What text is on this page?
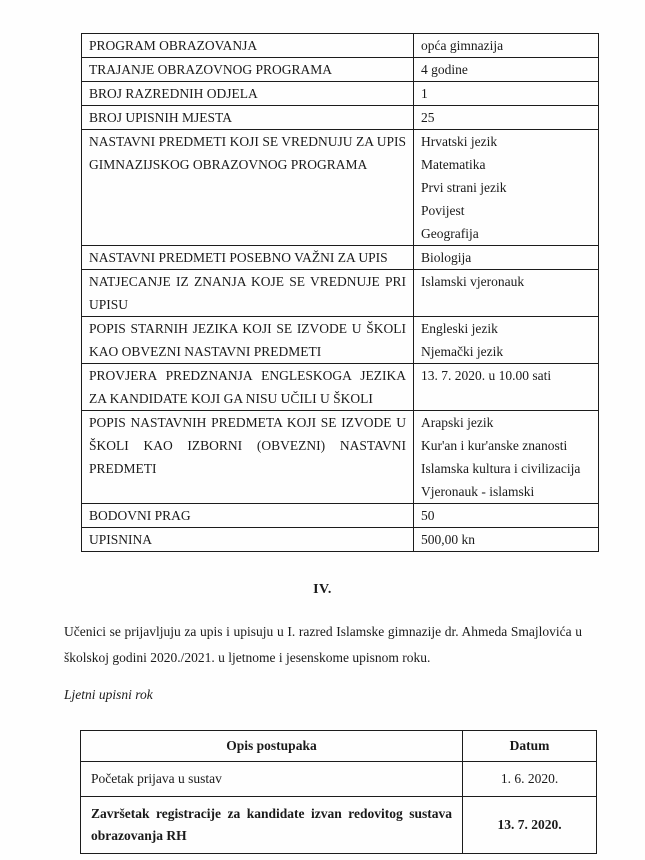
PROGRAM OBRAZOVANJA	opća gimnazija

TRAJANJE OBRAZOVNOG PROGRAMA	4 godine

BROJ RAZREDNIH ODJELA	1

BROJ UPISNIH MJESTA	25

NASTAVNI PREDMETI KOJI SE VREDNUJU ZA UPIS GIMNAZIJSKOG OBRAZOVNOG PROGRAMA	Hrvatski jezik
Matematika
Prvi strani jezik
Povijest
Geografija

NASTAVNI PREDMETI POSEBNO VAŽNI ZA UPIS	Biologija

NATJECANJE IZ ZNANJA KOJE SE VREDNUJE PRI UPISU	Islamski vjeronauk

POPIS STARNIH JEZIKA KOJI SE IZVODE U ŠKOLI KAO OBVEZNI NASTAVNI PREDMETI	Engleski jezik
Njemački jezik

PROVJERA PREDZNANJA ENGLESKOGA JEZIKA ZA KANDIDATE KOJI GA NISU UČILI U ŠKOLI	13. 7. 2020. u 10.00 sati

POPIS NASTAVNIH PREDMETA KOJI SE IZVODE U ŠKOLI KAO IZBORNI (OBVEZNI) NASTAVNI PREDMETI	Arapski jezik
Kur'an i kur'anske znanosti
Islamska kultura i civilizacija
Vjeronauk - islamski

BODOVNI PRAG	50

UPISNINA	500,00 kn
IV.

Učenici se prijavljuju za upis i upisuju u I. razred Islamske gimnazije dr. Ahmeda Smajlovića u školskoj godini 2020./2021. u ljetnome i jesenskome upisnom roku.

Ljetni upisni rok

Opis postupaka	Datum
Početak prijava u sustav	1. 6. 2020.
Završetak registracije za kandidate izvan redovitog sustava obrazovanja RH	13. 7. 2020.
